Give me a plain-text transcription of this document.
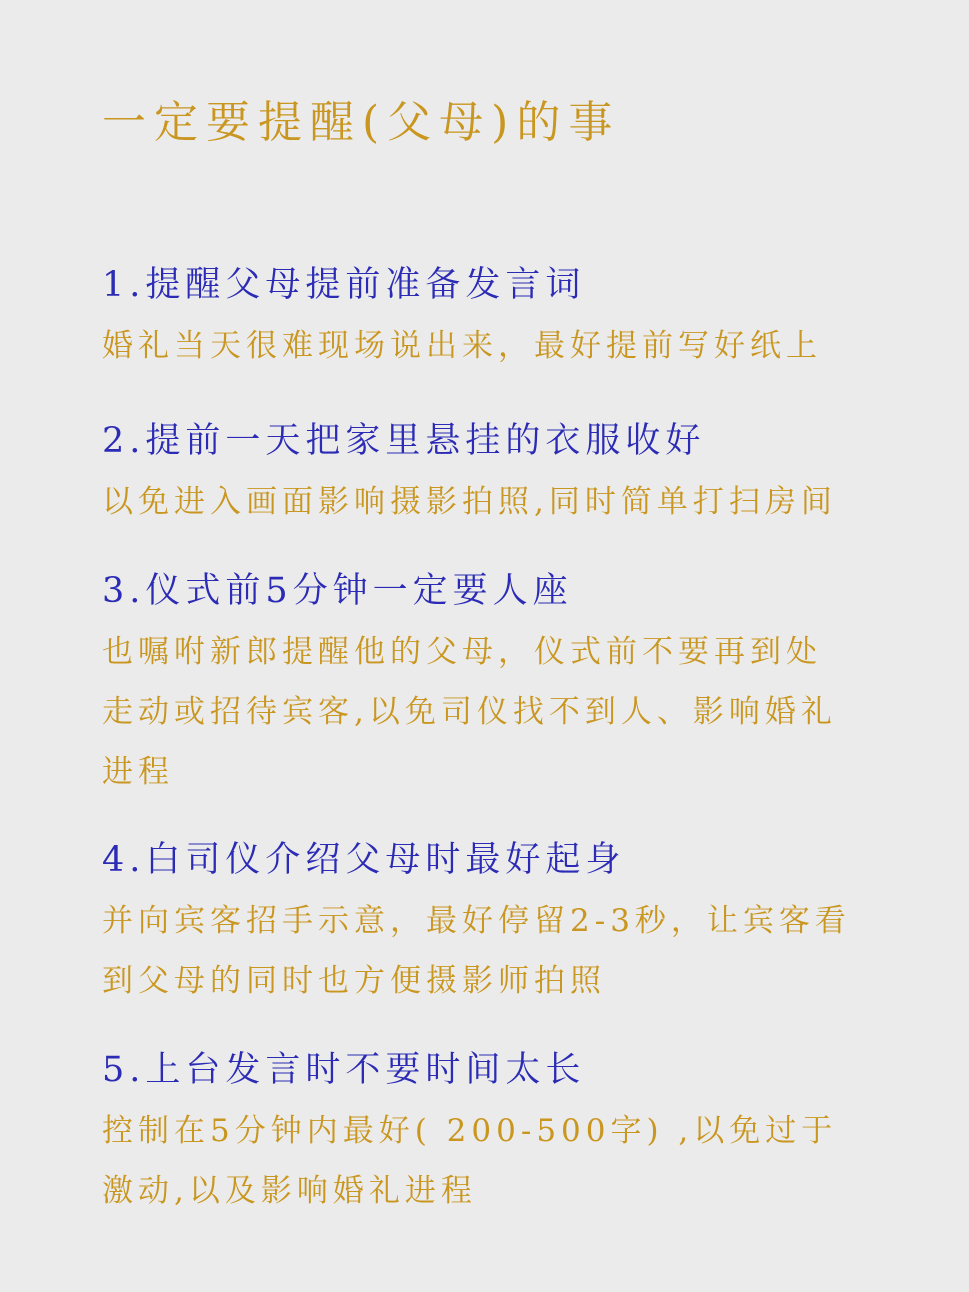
一定要提醒(父母)的事
1.提醒父母提前准备发言词
婚礼当天很难现场说出来，最好提前写好纸上
2.提前一天把家里悬挂的衣服收好
以免进入画面影响摄影拍照,同时简单打扫房间
3.仪式前5分钟一定要人座
也嘱咐新郎提醒他的父母，仪式前不要再到处
走动或招待宾客,以免司仪找不到人、影响婚礼
进程
4.白司仪介绍父母时最好起身
并向宾客招手示意，最好停留2-3秒，让宾客看
到父母的同时也方便摄影师拍照
5.上台发言时不要时间太长
控制在5分钟内最好( 200-500字) ,以免过于
激动,以及影响婚礼进程
